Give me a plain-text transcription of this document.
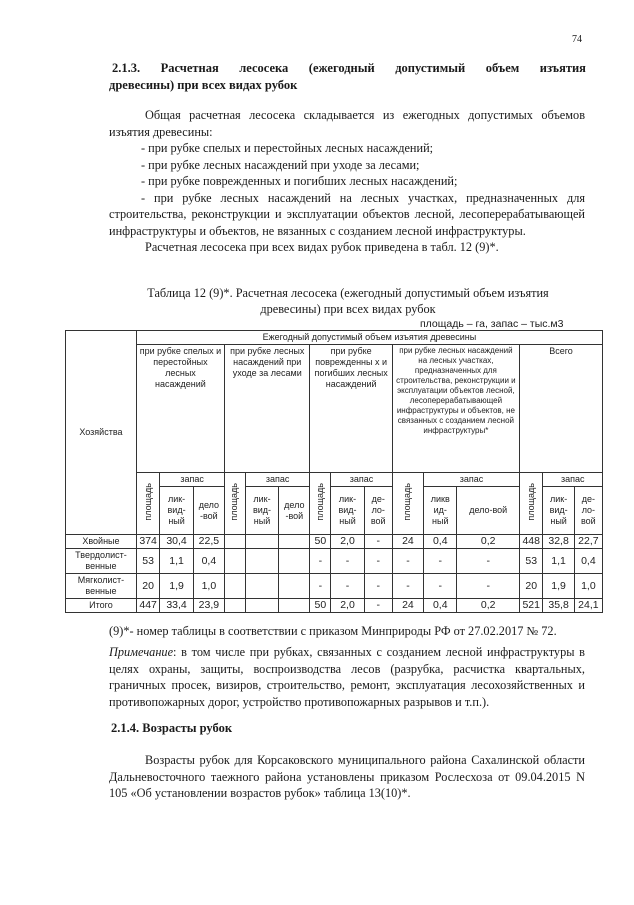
74
2.1.3. Расчетная лесосека (ежегодный допустимый объем изъятия
древесины) при всех видах рубок
Общая расчетная лесосека складывается из ежегодных допустимых объемов изъятия древесины:
- при рубке спелых и перестойных лесных насаждений;
- при рубке лесных насаждений при уходе за лесами;
- при рубке поврежденных и погибших лесных насаждений;
- при рубке лесных насаждений на лесных участках, предназначенных для строительства, реконструкции и эксплуатации объектов лесной, лесоперерабатывающей инфраструктуры и объектов, не вязанных с созданием лесной инфраструктуры.
Расчетная лесосека при всех видах рубок приведена в табл. 12 (9)*.
Таблица 12 (9)*. Расчетная лесосека (ежегодный допустимый объем изъятия
древесины) при всех видах рубок
площадь – га, запас – тыс.м3
Хозяйства	Ежегодный допустимый объем изъятия древесины														
	при рубке спелых и перестойных лесных насаждений			при рубке лесных насаждений при уходе за лесами			при рубке поврежденны х и погибших лесных насаждений			при рубке лесных насаждений на лесных участках, предназначенных для строительства, реконструкции и эксплуатации объектов лесной, лесоперерабатывающей инфраструктуры и объектов, не связанных с созданием лесной инфраструктуры*			Всего		
	площадь	запас		площадь	запас		площадь	запас		площадь	запас		площадь	запас	
		лик-вид-ный	дело -вой		лик-вид-ный	дело -вой		лик-вид-ный	де-ло-вой		ликв ид-ный	дело-вой		лик-вид-ный	де-ло-вой
Хвойные	374	30,4	22,5				50	2,0	-	24	0,4	0,2	448	32,8	22,7
Твердолист-венные	53	1,1	0,4				-	-	-	-	-	-	53	1,1	0,4
Мягколист-венные	20	1,9	1,0				-	-	-	-	-	-	20	1,9	1,0
Итого	447	33,4	23,9				50	2,0	-	24	0,4	0,2	521	35,8	24,1
(9)*- номер таблицы в соответствии с приказом Минприроды РФ от 27.02.2017 № 72.
Примечание: в том числе при рубках, связанных с созданием лесной инфраструктуры в целях охраны, защиты, воспроизводства лесов (разрубка, расчистка квартальных, граничных просек, визиров, строительство, ремонт, эксплуатация лесохозяйственных и противопожарных дорог, устройство противопожарных разрывов и т.п.).
2.1.4. Возрасты рубок
Возрасты рубок для Корсаковского муниципального района Сахалинской области Дальневосточного таежного района установлены приказом Рослесхоза от 09.04.2015 N 105 «Об установлении возрастов рубок» таблица 13(10)*.
